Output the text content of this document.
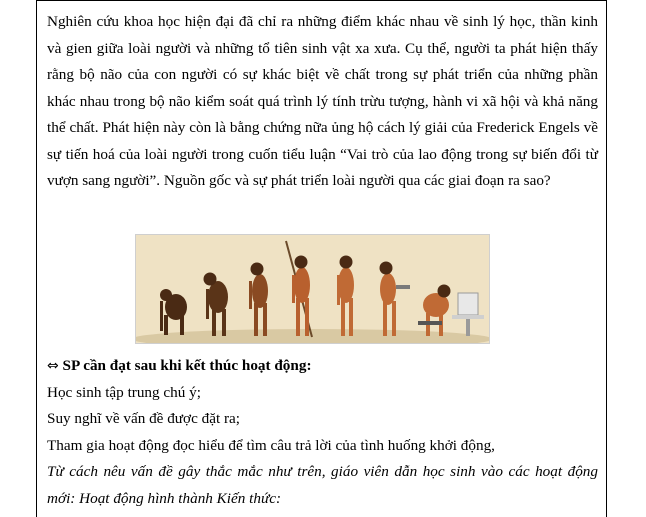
Nghiên cứu khoa học hiện đại đã chỉ ra những điểm khác nhau về sinh lý học, thần kinh và gien giữa loài người và những tổ tiên sinh vật xa xưa. Cụ thể, người ta phát hiện thấy rằng bộ não của con người có sự khác biệt về chất trong sự phát triển của những phần khác nhau trong bộ não kiểm soát quá trình lý tính trừu tượng, hành vi xã hội và khả năng thể chất. Phát hiện này còn là bằng chứng nữa ủng hộ cách lý giải của Frederick Engels về sự tiến hoá của loài người trong cuốn tiểu luận “Vai trò của lao động trong sự biến đổi từ vượn sang người”. Nguồn gốc và sự phát triển loài người qua các giai đoạn ra sao?

⇔ SP cần đạt sau khi kết thúc hoạt động:
Học sinh tập trung chú ý;
Suy nghĩ về vấn đề được đặt ra;
Tham gia hoạt động đọc hiểu để tìm câu trả lời của tình huống khởi động,

Từ cách nêu vấn đề gây thắc mắc như trên, giáo viên dẫn học sinh vào các hoạt động mới: Hoạt động hình thành Kiến thức:
